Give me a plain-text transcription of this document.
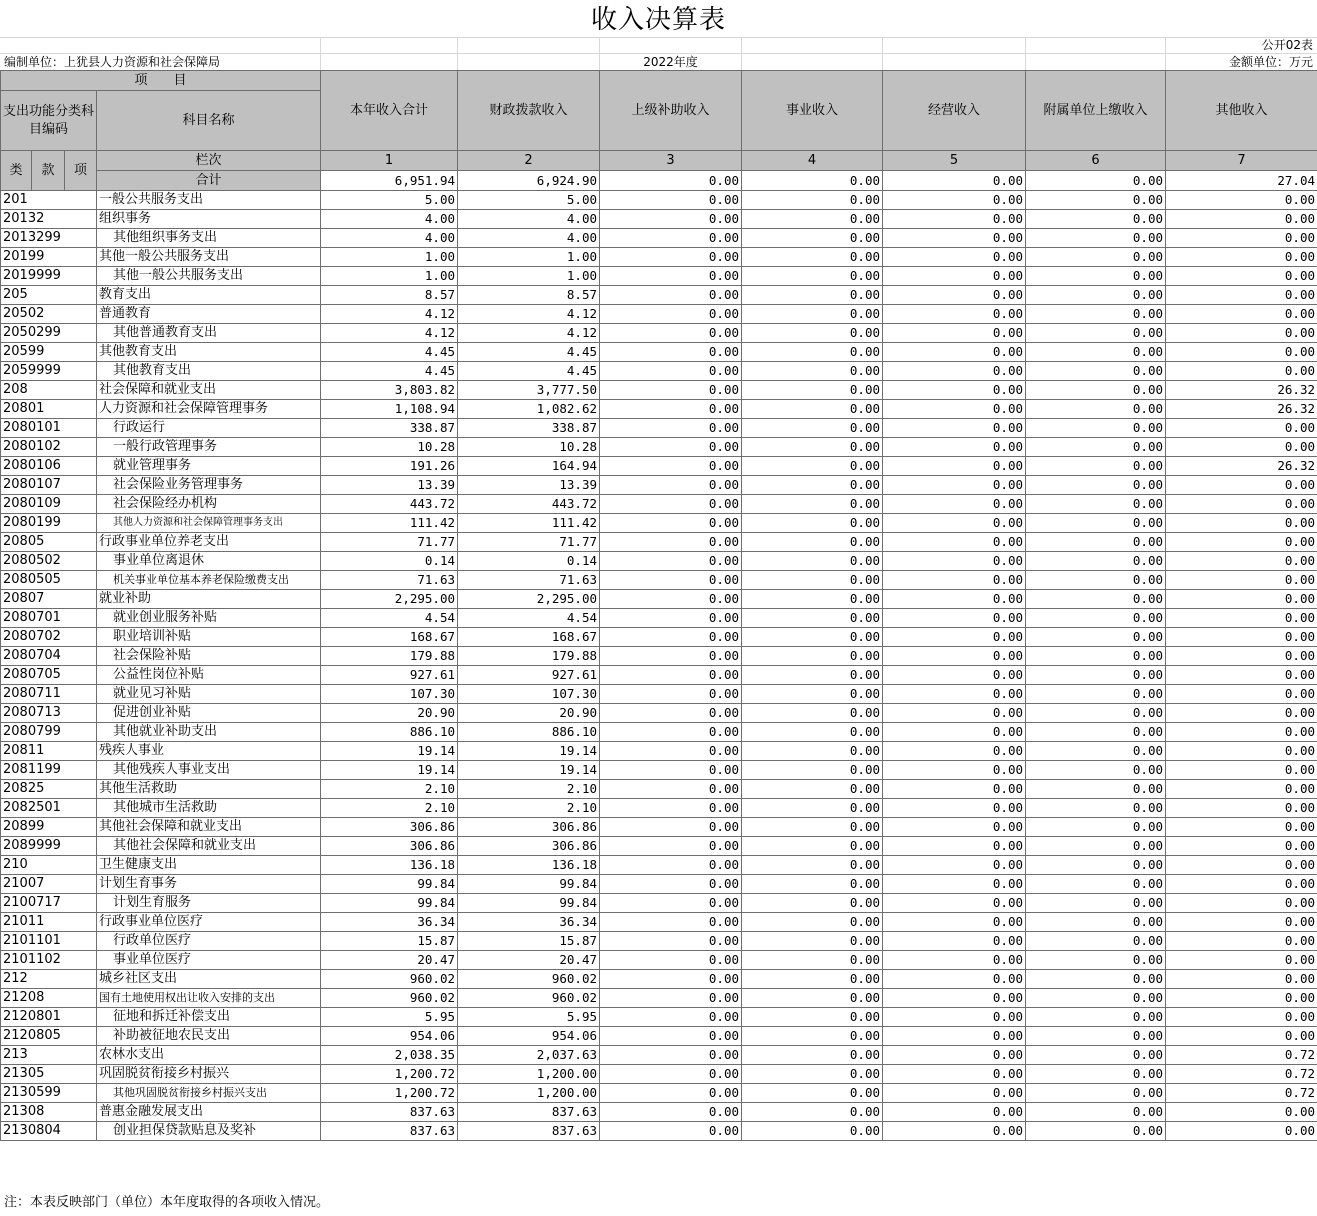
收入决算表
公开02表
编制单位：上犹县人力资源和社会保障局	2022年度	金额单位：万元
项　　目				本年收入合计	财政拨款收入	上级补助收入	事业收入	经营收入	附属单位上缴收入	其他收入
支出功能分类科目编码			科目名称							

类	款	项	栏次	1	2	3	4	5	6	7
			合计	6,951.94	6,924.90	0.00	0.00	0.00	0.00	27.04
201			一般公共服务支出	5.00	5.00	0.00	0.00	0.00	0.00	0.00
20132			组织事务	4.00	4.00	0.00	0.00	0.00	0.00	0.00
2013299			其他组织事务支出	4.00	4.00	0.00	0.00	0.00	0.00	0.00
20199			其他一般公共服务支出	1.00	1.00	0.00	0.00	0.00	0.00	0.00
2019999			其他一般公共服务支出	1.00	1.00	0.00	0.00	0.00	0.00	0.00
205			教育支出	8.57	8.57	0.00	0.00	0.00	0.00	0.00
20502			普通教育	4.12	4.12	0.00	0.00	0.00	0.00	0.00
2050299			其他普通教育支出	4.12	4.12	0.00	0.00	0.00	0.00	0.00
20599			其他教育支出	4.45	4.45	0.00	0.00	0.00	0.00	0.00
2059999			其他教育支出	4.45	4.45	0.00	0.00	0.00	0.00	0.00
208			社会保障和就业支出	3,803.82	3,777.50	0.00	0.00	0.00	0.00	26.32
20801			人力资源和社会保障管理事务	1,108.94	1,082.62	0.00	0.00	0.00	0.00	26.32
2080101			行政运行	338.87	338.87	0.00	0.00	0.00	0.00	0.00
2080102			一般行政管理事务	10.28	10.28	0.00	0.00	0.00	0.00	0.00
2080106			就业管理事务	191.26	164.94	0.00	0.00	0.00	0.00	26.32
2080107			社会保险业务管理事务	13.39	13.39	0.00	0.00	0.00	0.00	0.00
2080109			社会保险经办机构	443.72	443.72	0.00	0.00	0.00	0.00	0.00
2080199			其他人力资源和社会保障管理事务支出	111.42	111.42	0.00	0.00	0.00	0.00	0.00
20805			行政事业单位养老支出	71.77	71.77	0.00	0.00	0.00	0.00	0.00
2080502			事业单位离退休	0.14	0.14	0.00	0.00	0.00	0.00	0.00
2080505			机关事业单位基本养老保险缴费支出	71.63	71.63	0.00	0.00	0.00	0.00	0.00
20807			就业补助	2,295.00	2,295.00	0.00	0.00	0.00	0.00	0.00
2080701			就业创业服务补贴	4.54	4.54	0.00	0.00	0.00	0.00	0.00
2080702			职业培训补贴	168.67	168.67	0.00	0.00	0.00	0.00	0.00
2080704			社会保险补贴	179.88	179.88	0.00	0.00	0.00	0.00	0.00
2080705			公益性岗位补贴	927.61	927.61	0.00	0.00	0.00	0.00	0.00
2080711			就业见习补贴	107.30	107.30	0.00	0.00	0.00	0.00	0.00
2080713			促进创业补贴	20.90	20.90	0.00	0.00	0.00	0.00	0.00
2080799			其他就业补助支出	886.10	886.10	0.00	0.00	0.00	0.00	0.00
20811			残疾人事业	19.14	19.14	0.00	0.00	0.00	0.00	0.00
2081199			其他残疾人事业支出	19.14	19.14	0.00	0.00	0.00	0.00	0.00
20825			其他生活救助	2.10	2.10	0.00	0.00	0.00	0.00	0.00
2082501			其他城市生活救助	2.10	2.10	0.00	0.00	0.00	0.00	0.00
20899			其他社会保障和就业支出	306.86	306.86	0.00	0.00	0.00	0.00	0.00
2089999			其他社会保障和就业支出	306.86	306.86	0.00	0.00	0.00	0.00	0.00
210			卫生健康支出	136.18	136.18	0.00	0.00	0.00	0.00	0.00
21007			计划生育事务	99.84	99.84	0.00	0.00	0.00	0.00	0.00
2100717			计划生育服务	99.84	99.84	0.00	0.00	0.00	0.00	0.00
21011			行政事业单位医疗	36.34	36.34	0.00	0.00	0.00	0.00	0.00
2101101			行政单位医疗	15.87	15.87	0.00	0.00	0.00	0.00	0.00
2101102			事业单位医疗	20.47	20.47	0.00	0.00	0.00	0.00	0.00
212			城乡社区支出	960.02	960.02	0.00	0.00	0.00	0.00	0.00
21208			国有土地使用权出让收入安排的支出	960.02	960.02	0.00	0.00	0.00	0.00	0.00
2120801			征地和拆迁补偿支出	5.95	5.95	0.00	0.00	0.00	0.00	0.00
2120805			补助被征地农民支出	954.06	954.06	0.00	0.00	0.00	0.00	0.00
213			农林水支出	2,038.35	2,037.63	0.00	0.00	0.00	0.00	0.72
21305			巩固脱贫衔接乡村振兴	1,200.72	1,200.00	0.00	0.00	0.00	0.00	0.72
2130599			其他巩固脱贫衔接乡村振兴支出	1,200.72	1,200.00	0.00	0.00	0.00	0.00	0.72
21308			普惠金融发展支出	837.63	837.63	0.00	0.00	0.00	0.00	0.00
2130804			创业担保贷款贴息及奖补	837.63	837.63	0.00	0.00	0.00	0.00	0.00
注：本表反映部门（单位）本年度取得的各项收入情况。
